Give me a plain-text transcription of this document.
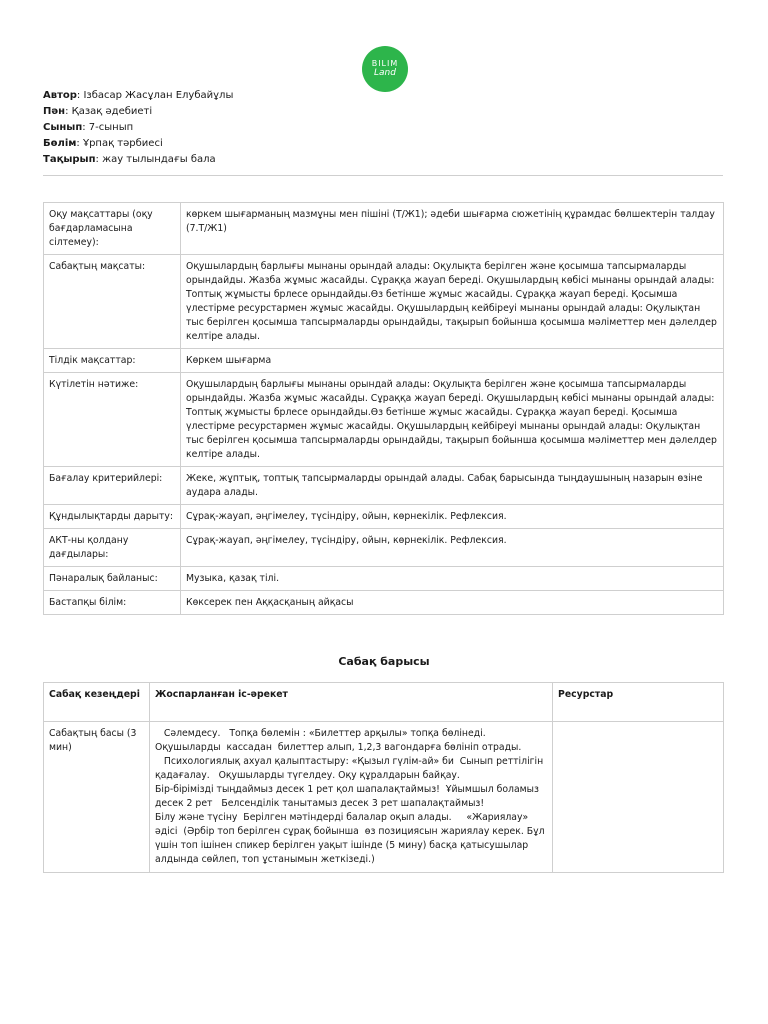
BILIM
Land
Автор: Ізбасар Жасұлан Елубайұлы
Пән: Қазақ әдебиеті
Сынып: 7-сынып
Бөлім: Ұрпақ тәрбиесі
Тақырып: жау тылындағы бала
Оқу мақсаттары (оқу бағдарламасына сілтемеу):	көркем шығарманың мазмұны мен пішіні (Т/Ж1); әдеби шығарма сюжетінің құрамдас бөлшектерін талдау (7.Т/Ж1)
Сабақтың мақсаты:	Оқушылардың барлығы мынаны орындай алады: Оқулықта берілген және қосымша тапсырмаларды орындайды. Жазба жұмыс жасайды. Сұраққа жауап береді. Оқушылардың көбісі мынаны орындай алады: Топтық жұмысты брлесе орындайды.Өз бетінше жұмыс жасайды. Сұраққа жауап береді. Қосымша үлестірме ресурстармен жұмыс жасайды. Оқушылардың кейбіреуі мынаны орындай алады: Оқулықтан тыс берілген қосымша тапсырмаларды орындайды, тақырып бойынша қосымша мәліметтер мен дәлелдер келтіре алады.
Тілдік мақсаттар:	Көркем шығарма
Күтілетін нәтиже:	Оқушылардың барлығы мынаны орындай алады: Оқулықта берілген және қосымша тапсырмаларды орындайды. Жазба жұмыс жасайды. Сұраққа жауап береді. Оқушылардың көбісі мынаны орындай алады: Топтық жұмысты брлесе орындайды.Өз бетінше жұмыс жасайды. Сұраққа жауап береді. Қосымша үлестірме ресурстармен жұмыс жасайды. Оқушылардың кейбіреуі мынаны орындай алады: Оқулықтан тыс берілген қосымша тапсырмаларды орындайды, тақырып бойынша қосымша мәліметтер мен дәлелдер келтіре алады.
Бағалау критерийлері:	Жеке, жұптық, топтық тапсырмаларды орындай алады. Сабақ барысында тыңдаушының назарын өзіне аудара алады.
Құндылықтарды дарыту:	Сұрақ-жауап, әңгімелеу, түсіндіру, ойын, көрнекілік. Рефлексия.
АКТ-ны қолдану дағдылары:	Сұрақ-жауап, әңгімелеу, түсіндіру, ойын, көрнекілік. Рефлексия.
Пәнаралық байланыс:	Музыка, қазақ тілі.
Бастапқы білім:	Көксерек пен Аққасқаның айқасы
Сабақ барысы
Сабақ кезеңдері	Жоспарланған іс-әрекет	Ресурстар
Сабақтың басы (3 мин)	Сәлемдесу.   Топқа бөлемін : «Билеттер арқылы» топқа бөлінеді. Оқушыларды  кассадан  билеттер алып, 1,2,3 вагондарға бөлініп отрады.
Психологиялық ахуал қалыптастыру: «Қызыл гүлім-ай» би  Сынып реттілігін қадағалау.   Оқушыларды түгелдеу. Оқу құралдарын байқау.
Бір-бірімізді тыңдаймыз десек 1 рет қол шапалақтаймыз!  Ұйымшыл боламыз десек 2 рет   Белсенділік танытамыз десек 3 рет шапалақтаймыз!
Білу және түсіну  Берілген мәтіндерді балалар оқып алады.     «Жариялау» әдісі  (Әрбір топ берілген сұрақ бойынша  өз позициясын жариялау керек. Бұл үшін топ ішінен спикер берілген уақыт ішінде (5 мину) басқа қатысушылар  алдында сөйлеп, топ ұстанымын жеткізеді.)	
